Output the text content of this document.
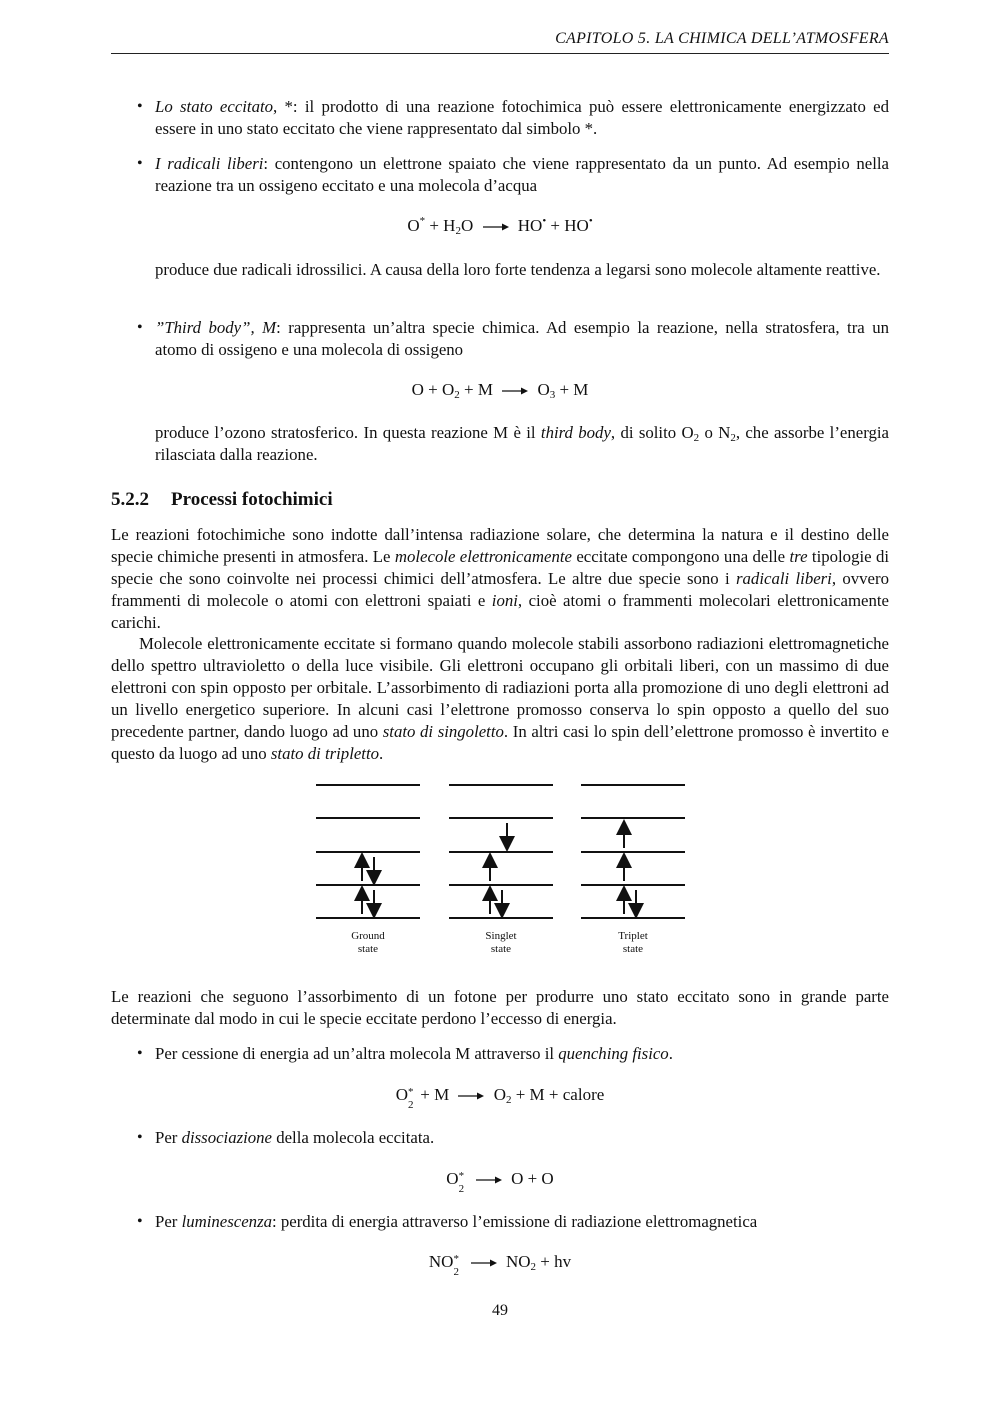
CAPITOLO 5. LA CHIMICA DELL’ATMOSFERA
• Lo stato eccitato, *: il prodotto di una reazione fotochimica può essere elettronicamente energizzato ed essere in uno stato eccitato che viene rappresentato dal simbolo *.
• I radicali liberi: contengono un elettrone spaiato che viene rappresentato da un punto. Ad esempio nella reazione tra un ossigeno eccitato e una molecola d’acqua
$O^* + H_2O \to HO^• + HO^•$
produce due radicali idrossilici. A causa della loro forte tendenza a legarsi sono molecole altamente reattive.
• ”Third body”, M: rappresenta un’altra specie chimica. Ad esempio la reazione, nella stratosfera, tra un atomo di ossigeno e una molecola di ossigeno
$O + O_2 + M \to O_3 + M$
produce l’ozono stratosferico. In questa reazione M è il third body, di solito $O_2$ o $N_2$, che assorbe l’energia rilasciata dalla reazione.
5.2.2 Processi fotochimici
Le reazioni fotochimiche sono indotte dall’intensa radiazione solare, che determina la natura e il destino delle specie chimiche presenti in atmosfera. Le molecole elettronicamente eccitate compongono una delle tre tipologie di specie che sono coinvolte nei processi chimici dell’atmosfera. Le altre due specie sono i radicali liberi, ovvero frammenti di molecole o atomi con elettroni spaiati e ioni, cioè atomi o frammenti molecolari elettronicamente carichi.
Molecole elettronicamente eccitate si formano quando molecole stabili assorbono radiazioni elettromagnetiche dello spettro ultravioletto o della luce visibile. Gli elettroni occupano gli orbitali liberi, con un massimo di due elettroni con spin opposto per orbitale. L’assorbimento di radiazioni porta alla promozione di uno degli elettroni ad un livello energetico superiore. In alcuni casi l’elettrone promosso conserva lo spin opposto a quello del suo precedente partner, dando luogo ad uno stato di singoletto. In altri casi lo spin dell’elettrone promosso è invertito e questo da luogo ad uno stato di tripletto.
Ground
state
Singlet
state
Triplet
state
Le reazioni che seguono l’assorbimento di un fotone per produrre uno stato eccitato sono in grande parte determinate dal modo in cui le specie eccitate perdono l’eccesso di energia.
• Per cessione di energia ad un’altra molecola M attraverso il quenching fisico.
O *
2
+ $M \to O_2 + M$ + calore
• Per dissociazione della molecola eccitata.
O *
2
→ O + O
• Per luminescenza: perdita di energia attraverso l’emissione di radiazione elettromagnetica
NO *
2
→ $NO_2$ + hv
49
